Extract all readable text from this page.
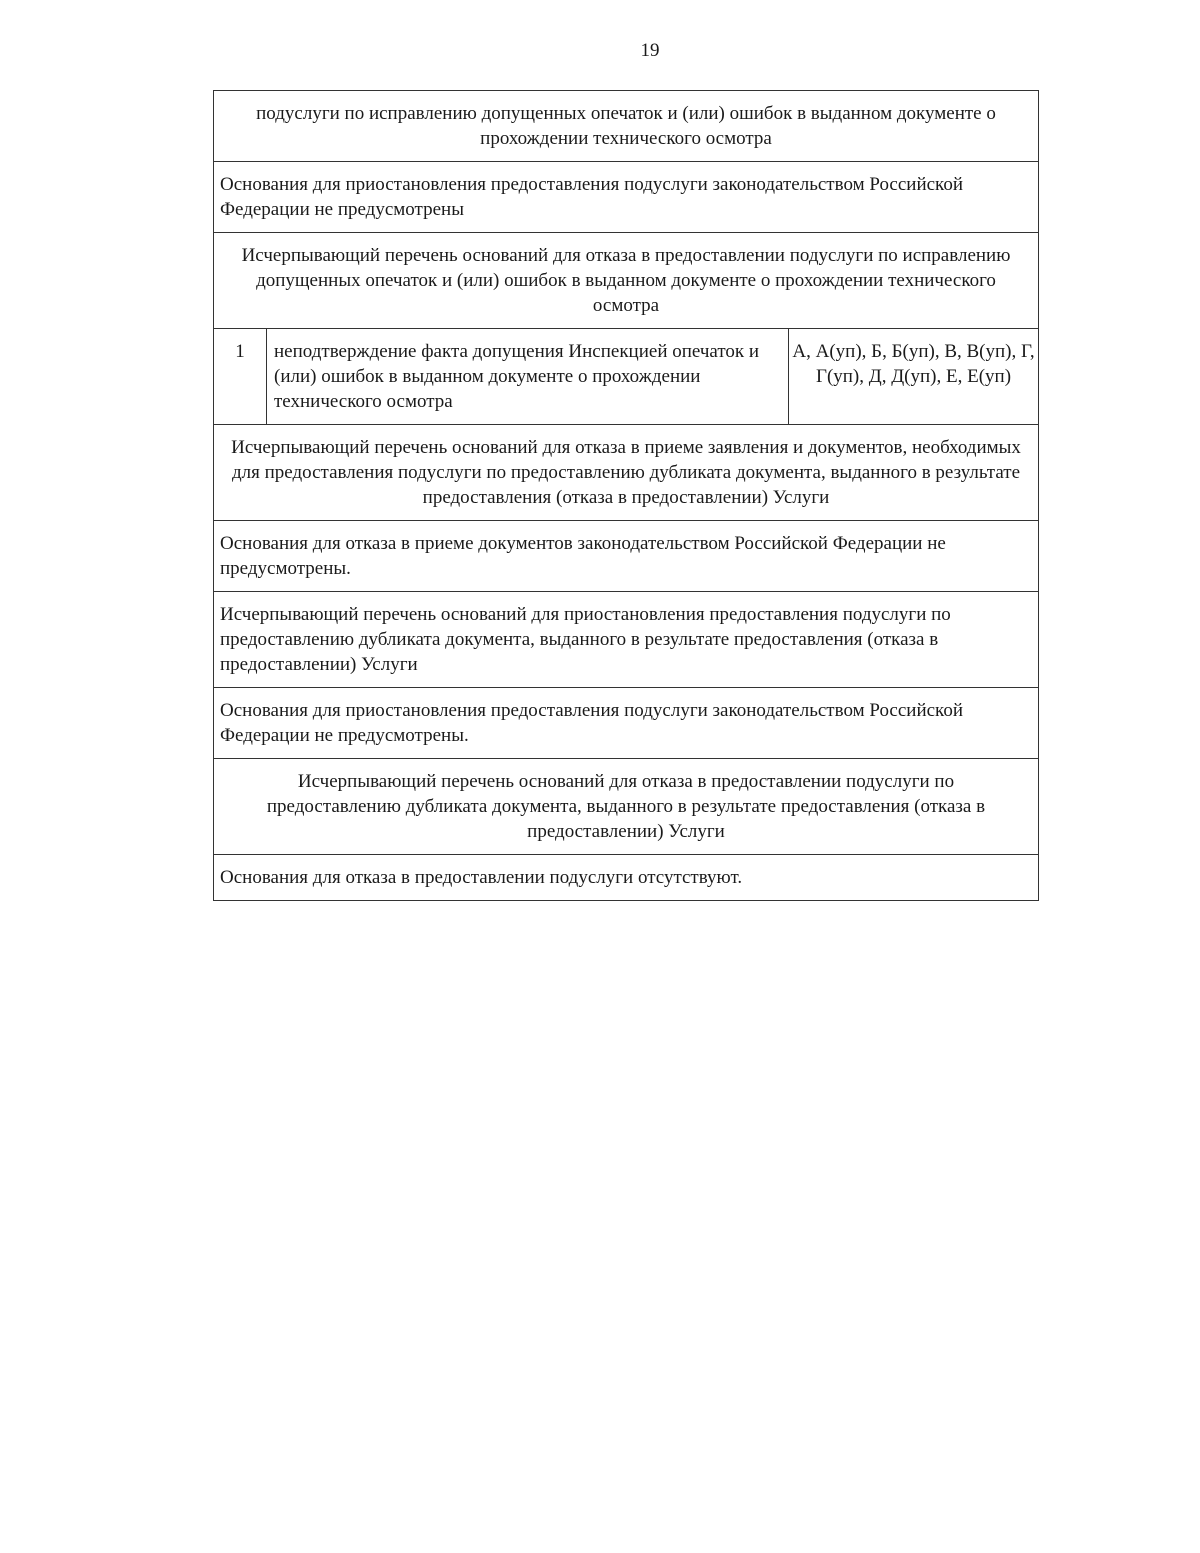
19
подуслуги по исправлению допущенных опечаток и (или) ошибок в выданном документе о прохождении технического осмотра
Основания для приостановления предоставления подуслуги законодательством Российской Федерации не предусмотрены
Исчерпывающий перечень оснований для отказа в предоставлении подуслуги по исправлению допущенных опечаток и (или) ошибок в выданном документе о прохождении технического осмотра
1	неподтверждение факта допущения Инспекцией опечаток и (или) ошибок в выданном документе о прохождении технического осмотра	А, А(уп), Б, Б(уп), В, В(уп), Г, Г(уп), Д, Д(уп), Е, Е(уп)
Исчерпывающий перечень оснований для отказа в приеме заявления и документов, необходимых для предоставления подуслуги по предоставлению дубликата документа, выданного в результате предоставления (отказа в предоставлении) Услуги
Основания для отказа в приеме документов законодательством Российской Федерации не предусмотрены.
Исчерпывающий перечень оснований для приостановления предоставления подуслуги по предоставлению дубликата документа, выданного в результате предоставления (отказа в предоставлении) Услуги
Основания для приостановления предоставления подуслуги законодательством Российской Федерации не предусмотрены.
Исчерпывающий перечень оснований для отказа в предоставлении подуслуги по предоставлению дубликата документа, выданного в результате предоставления (отказа в предоставлении) Услуги
Основания для отказа в предоставлении подуслуги отсутствуют.
